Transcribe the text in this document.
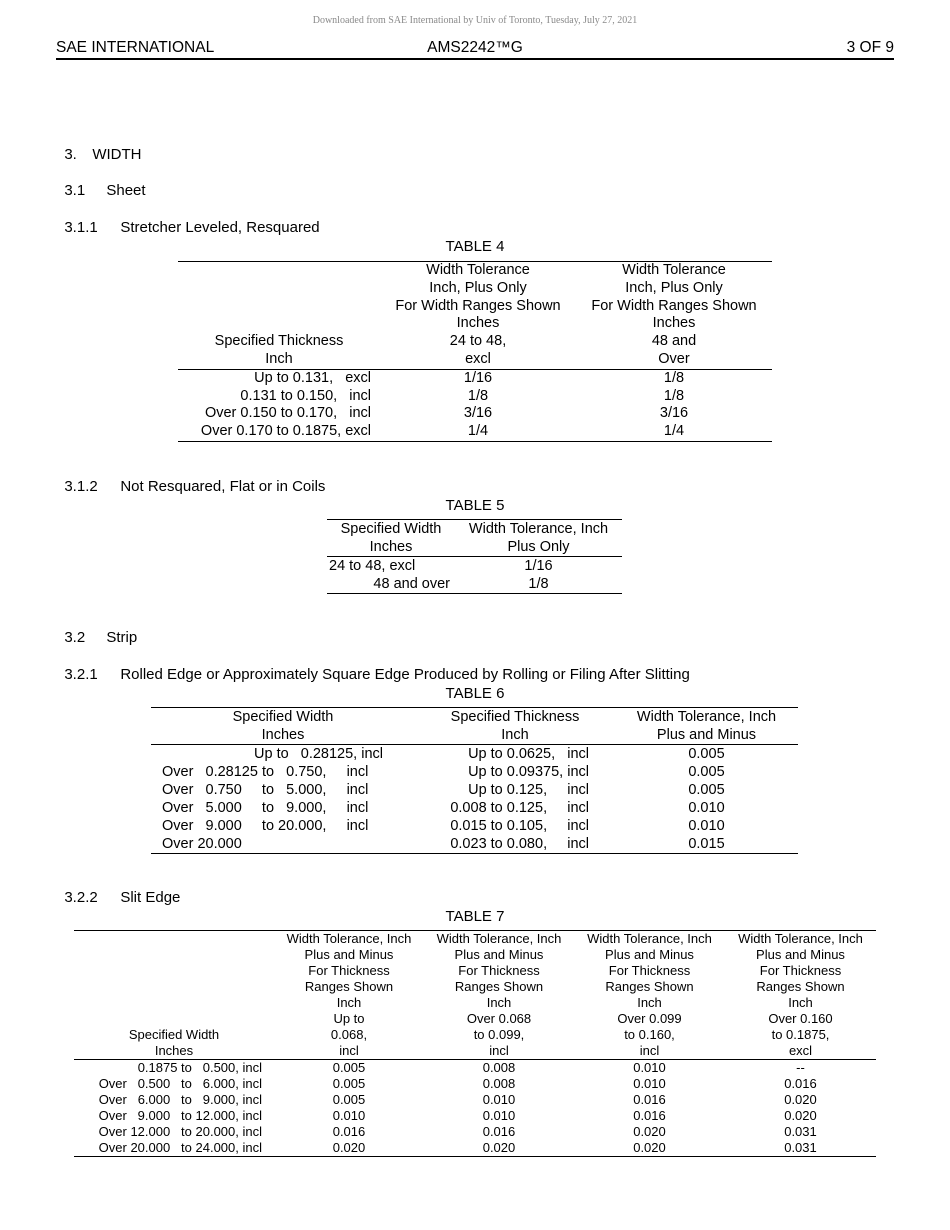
Downloaded from SAE International by Univ of Toronto, Tuesday, July 27, 2021
SAE INTERNATIONAL	AMS2242™G	3 OF 9

3. WIDTH

3.1 Sheet

3.1.1 Stretcher Leveled, Resquared

TABLE 4
	Width Tolerance	Width Tolerance
	Inch, Plus Only	Inch, Plus Only
	For Width Ranges Shown	For Width Ranges Shown
	Inches	Inches
Specified Thickness	24 to 48,	48 and
Inch	excl	Over
Up to 0.131,   excl	1/16	1/8
0.131 to 0.150,   incl	1/8	1/8
Over 0.150 to 0.170,   incl	3/16	3/16
Over 0.170 to 0.1875, excl	1/4	1/4

3.1.2 Not Resquared, Flat or in Coils

TABLE 5
Specified Width	Width Tolerance, Inch
Inches	Plus Only
24 to 48, excl	1/16
48 and over	1/8

3.2 Strip

3.2.1 Rolled Edge or Approximately Square Edge Produced by Rolling or Filing After Slitting

TABLE 6
Specified Width	Specified Thickness	Width Tolerance, Inch
Inches	Inch	Plus and Minus
Up to   0.28125, incl	Up to 0.0625,   incl	0.005
Over   0.28125 to   0.750,     incl	Up to 0.09375, incl	0.005
Over   0.750     to   5.000,     incl	Up to 0.125,     incl	0.005
Over   5.000     to   9.000,     incl	0.008 to 0.125,     incl	0.010
Over   9.000     to 20.000,     incl	0.015 to 0.105,     incl	0.010
Over 20.000	0.023 to 0.080,     incl	0.015

3.2.2 Slit Edge

TABLE 7
	Width Tolerance, Inch	Width Tolerance, Inch	Width Tolerance, Inch	Width Tolerance, Inch
	Plus and Minus	Plus and Minus	Plus and Minus	Plus and Minus
	For Thickness	For Thickness	For Thickness	For Thickness
	Ranges Shown	Ranges Shown	Ranges Shown	Ranges Shown
	Inch	Inch	Inch	Inch
	Up to	Over 0.068	Over 0.099	Over 0.160
Specified Width	0.068,	to 0.099,	to 0.160,	to 0.1875,
Inches	incl	incl	incl	excl
0.1875 to   0.500, incl	0.005	0.008	0.010	--
Over   0.500   to   6.000, incl	0.005	0.008	0.010	0.016
Over   6.000   to   9.000, incl	0.005	0.010	0.016	0.020
Over   9.000   to 12.000, incl	0.010	0.010	0.016	0.020
Over 12.000   to 20.000, incl	0.016	0.016	0.020	0.031
Over 20.000   to 24.000, incl	0.020	0.020	0.020	0.031
